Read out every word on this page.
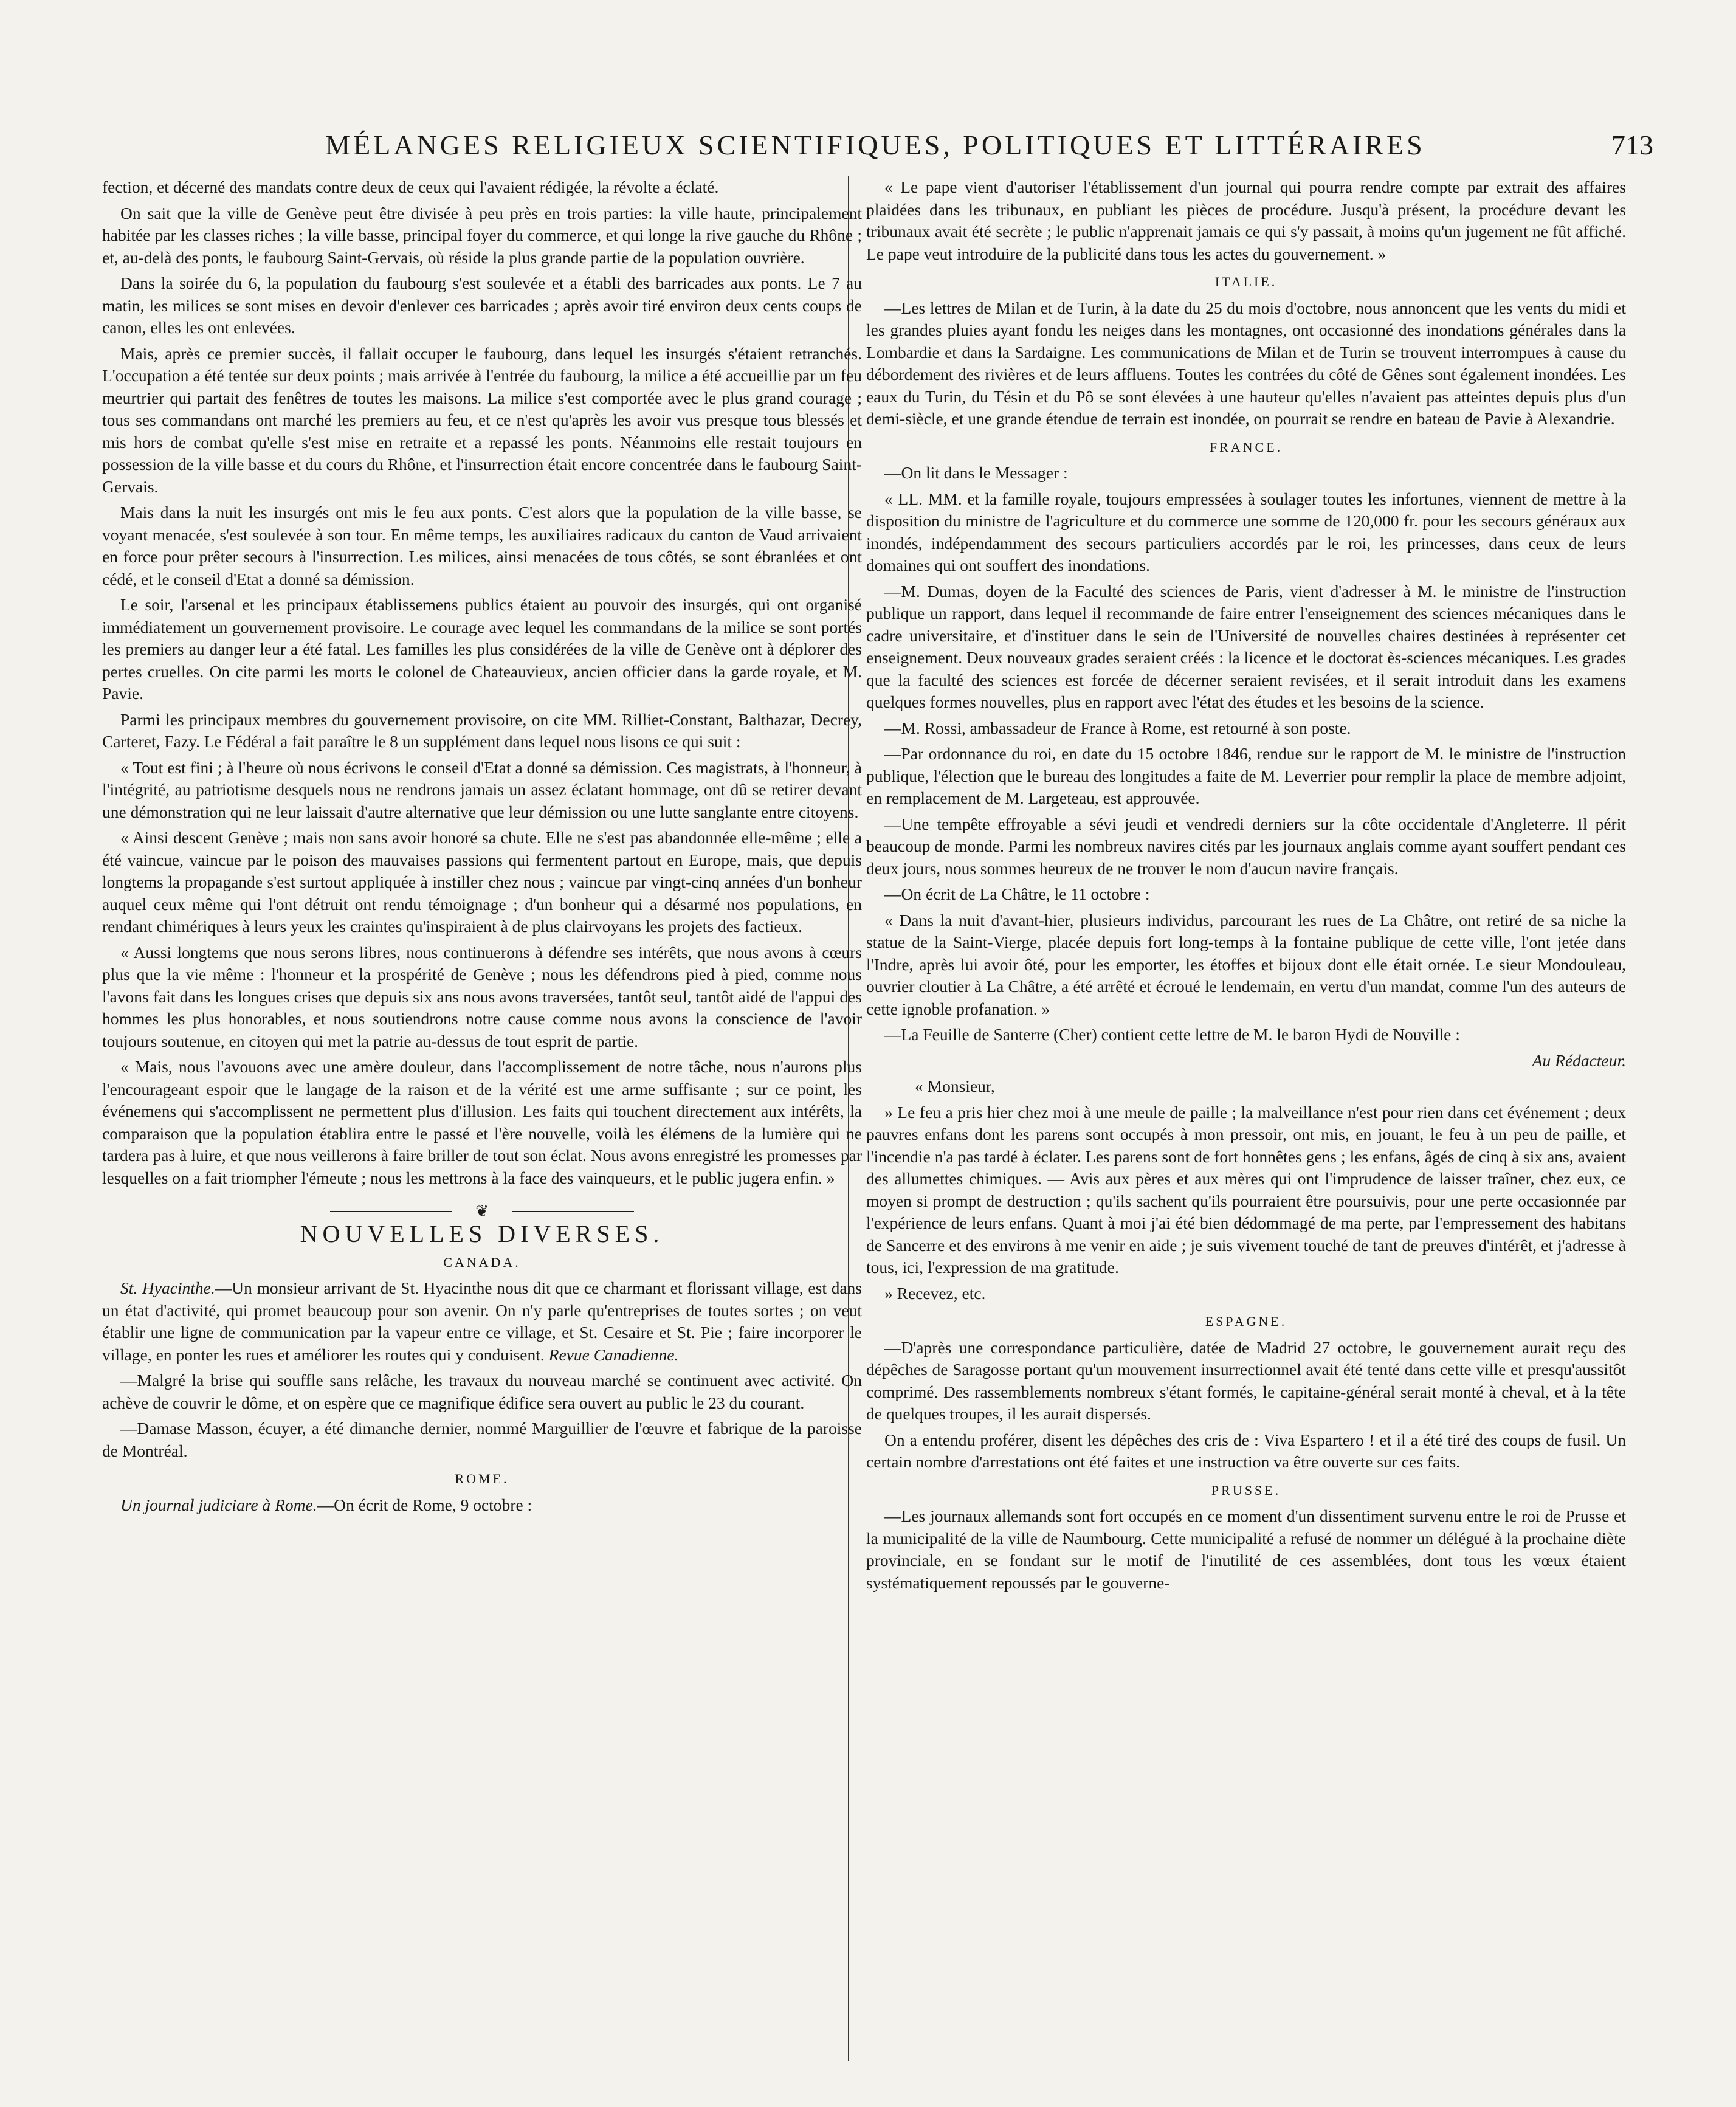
MÉLANGES RELIGIEUX SCIENTIFIQUES, POLITIQUES ET LITTÉRAIRES	713

fection, et décerné des mandats contre deux de ceux qui l'avaient rédigée, la révolte a éclaté.

On sait que la ville de Genève peut être divisée à peu près en trois parties: la ville haute, principalement habitée par les classes riches ; la ville basse, principal foyer du commerce, et qui longe la rive gauche du Rhône ; et, au-delà des ponts, le faubourg Saint-Gervais, où réside la plus grande partie de la population ouvrière.

Dans la soirée du 6, la population du faubourg s'est soulevée et a établi des barricades aux ponts. Le 7 au matin, les milices se sont mises en devoir d'enlever ces barricades ; après avoir tiré environ deux cents coups de canon, elles les ont enlevées.

Mais, après ce premier succès, il fallait occuper le faubourg, dans lequel les insurgés s'étaient retranchés. L'occupation a été tentée sur deux points ; mais arrivée à l'entrée du faubourg, la milice a été accueillie par un feu meurtrier qui partait des fenêtres de toutes les maisons. La milice s'est comportée avec le plus grand courage ; tous ses commandans ont marché les premiers au feu, et ce n'est qu'après les avoir vus presque tous blessés et mis hors de combat qu'elle s'est mise en retraite et a repassé les ponts. Néanmoins elle restait toujours en possession de la ville basse et du cours du Rhône, et l'insurrection était encore concentrée dans le faubourg Saint-Gervais.

Mais dans la nuit les insurgés ont mis le feu aux ponts. C'est alors que la population de la ville basse, se voyant menacée, s'est soulevée à son tour. En même temps, les auxiliaires radicaux du canton de Vaud arrivaient en force pour prêter secours à l'insurrection. Les milices, ainsi menacées de tous côtés, se sont ébranlées et ont cédé, et le conseil d'Etat a donné sa démission.

Le soir, l'arsenal et les principaux établissemens publics étaient au pouvoir des insurgés, qui ont organisé immédiatement un gouvernement provisoire. Le courage avec lequel les commandans de la milice se sont portés les premiers au danger leur a été fatal. Les familles les plus considérées de la ville de Genève ont à déplorer des pertes cruelles. On cite parmi les morts le colonel de Chateauvieux, ancien officier dans la garde royale, et M. Pavie.

Parmi les principaux membres du gouvernement provisoire, on cite MM. Rilliet-Constant, Balthazar, Decrey, Carteret, Fazy. Le Fédéral a fait paraître le 8 un supplément dans lequel nous lisons ce qui suit :

« Tout est fini ; à l'heure où nous écrivons le conseil d'Etat a donné sa démission. Ces magistrats, à l'honneur, à l'intégrité, au patriotisme desquels nous ne rendrons jamais un assez éclatant hommage, ont dû se retirer devant une démonstration qui ne leur laissait d'autre alternative que leur démission ou une lutte sanglante entre citoyens.

« Ainsi descent Genève ; mais non sans avoir honoré sa chute. Elle ne s'est pas abandonnée elle-même ; elle a été vaincue, vaincue par le poison des mauvaises passions qui fermentent partout en Europe, mais, que depuis longtems la propagande s'est surtout appliquée à instiller chez nous ; vaincue par vingt-cinq années d'un bonheur auquel ceux même qui l'ont détruit ont rendu témoignage ; d'un bonheur qui a désarmé nos populations, en rendant chimériques à leurs yeux les craintes qu'inspiraient à de plus clairvoyans les projets des factieux.

« Aussi longtems que nous serons libres, nous continuerons à défendre ses intérêts, que nous avons à cœurs plus que la vie même : l'honneur et la prospérité de Genève ; nous les défendrons pied à pied, comme nous l'avons fait dans les longues crises que depuis six ans nous avons traversées, tantôt seul, tantôt aidé de l'appui des hommes les plus honorables, et nous soutiendrons notre cause comme nous avons la conscience de l'avoir toujours soutenue, en citoyen qui met la patrie au-dessus de tout esprit de partie.

« Mais, nous l'avouons avec une amère douleur, dans l'accomplissement de notre tâche, nous n'aurons plus l'encourageant espoir que le langage de la raison et de la vérité est une arme suffisante ; sur ce point, les événemens qui s'accomplissent ne permettent plus d'illusion. Les faits qui touchent directement aux intérêts, la comparaison que la population établira entre le passé et l'ère nouvelle, voilà les élémens de la lumière qui ne tardera pas à luire, et que nous veillerons à faire briller de tout son éclat. Nous avons enregistré les promesses par lesquelles on a fait triompher l'émeute ; nous les mettrons à la face des vainqueurs, et le public jugera enfin. »

❦
NOUVELLES DIVERSES.
CANADA.

St. Hyacinthe.—Un monsieur arrivant de St. Hyacinthe nous dit que ce charmant et florissant village, est dans un état d'activité, qui promet beaucoup pour son avenir. On n'y parle qu'entreprises de toutes sortes ; on veut établir une ligne de communication par la vapeur entre ce village, et St. Cesaire et St. Pie ; faire incorporer le village, en ponter les rues et améliorer les routes qui y conduisent. Revue Canadienne.

—Malgré la brise qui souffle sans relâche, les travaux du nouveau marché se continuent avec activité. On achève de couvrir le dôme, et on espère que ce magnifique édifice sera ouvert au public le 23 du courant.

—Damase Masson, écuyer, a été dimanche dernier, nommé Marguillier de l'œuvre et fabrique de la paroisse de Montréal.

ROME.

Un journal judiciare à Rome.—On écrit de Rome, 9 octobre :

« Le pape vient d'autoriser l'établissement d'un journal qui pourra rendre compte par extrait des affaires plaidées dans les tribunaux, en publiant les pièces de procédure. Jusqu'à présent, la procédure devant les tribunaux avait été secrète ; le public n'apprenait jamais ce qui s'y passait, à moins qu'un jugement ne fût affiché. Le pape veut introduire de la publicité dans tous les actes du gouvernement. »

ITALIE.

—Les lettres de Milan et de Turin, à la date du 25 du mois d'octobre, nous annoncent que les vents du midi et les grandes pluies ayant fondu les neiges dans les montagnes, ont occasionné des inondations générales dans la Lombardie et dans la Sardaigne. Les communications de Milan et de Turin se trouvent interrompues à cause du débordement des rivières et de leurs affluens. Toutes les contrées du côté de Gênes sont également inondées. Les eaux du Turin, du Tésin et du Pô se sont élevées à une hauteur qu'elles n'avaient pas atteintes depuis plus d'un demi-siècle, et une grande étendue de terrain est inondée, on pourrait se rendre en bateau de Pavie à Alexandrie.

FRANCE.

—On lit dans le Messager :

« LL. MM. et la famille royale, toujours empressées à soulager toutes les infortunes, viennent de mettre à la disposition du ministre de l'agriculture et du commerce une somme de 120,000 fr. pour les secours généraux aux inondés, indépendamment des secours particuliers accordés par le roi, les princesses, dans ceux de leurs domaines qui ont souffert des inondations.

—M. Dumas, doyen de la Faculté des sciences de Paris, vient d'adresser à M. le ministre de l'instruction publique un rapport, dans lequel il recommande de faire entrer l'enseignement des sciences mécaniques dans le cadre universitaire, et d'instituer dans le sein de l'Université de nouvelles chaires destinées à représenter cet enseignement. Deux nouveaux grades seraient créés : la licence et le doctorat ès-sciences mécaniques. Les grades que la faculté des sciences est forcée de décerner seraient revisées, et il serait introduit dans les examens quelques formes nouvelles, plus en rapport avec l'état des études et les besoins de la science.

—M. Rossi, ambassadeur de France à Rome, est retourné à son poste.

—Par ordonnance du roi, en date du 15 octobre 1846, rendue sur le rapport de M. le ministre de l'instruction publique, l'élection que le bureau des longitudes a faite de M. Leverrier pour remplir la place de membre adjoint, en remplacement de M. Largeteau, est approuvée.

—Une tempête effroyable a sévi jeudi et vendredi derniers sur la côte occidentale d'Angleterre. Il périt beaucoup de monde. Parmi les nombreux navires cités par les journaux anglais comme ayant souffert pendant ces deux jours, nous sommes heureux de ne trouver le nom d'aucun navire français.

—On écrit de La Châtre, le 11 octobre :

« Dans la nuit d'avant-hier, plusieurs individus, parcourant les rues de La Châtre, ont retiré de sa niche la statue de la Saint-Vierge, placée depuis fort long-temps à la fontaine publique de cette ville, l'ont jetée dans l'Indre, après lui avoir ôté, pour les emporter, les étoffes et bijoux dont elle était ornée. Le sieur Mondouleau, ouvrier cloutier à La Châtre, a été arrêté et écroué le lendemain, en vertu d'un mandat, comme l'un des auteurs de cette ignoble profanation. »

—La Feuille de Santerre (Cher) contient cette lettre de M. le baron Hydi de Nouville :

Au Rédacteur.

« Monsieur,

» Le feu a pris hier chez moi à une meule de paille ; la malveillance n'est pour rien dans cet événement ; deux pauvres enfans dont les parens sont occupés à mon pressoir, ont mis, en jouant, le feu à un peu de paille, et l'incendie n'a pas tardé à éclater. Les parens sont de fort honnêtes gens ; les enfans, âgés de cinq à six ans, avaient des allumettes chimiques. — Avis aux pères et aux mères qui ont l'imprudence de laisser traîner, chez eux, ce moyen si prompt de destruction ; qu'ils sachent qu'ils pourraient être poursuivis, pour une perte occasionnée par l'expérience de leurs enfans. Quant à moi j'ai été bien dédommagé de ma perte, par l'empressement des habitans de Sancerre et des environs à me venir en aide ; je suis vivement touché de tant de preuves d'intérêt, et j'adresse à tous, ici, l'expression de ma gratitude.

» Recevez, etc.

ESPAGNE.

—D'après une correspondance particulière, datée de Madrid 27 octobre, le gouvernement aurait reçu des dépêches de Saragosse portant qu'un mouvement insurrectionnel avait été tenté dans cette ville et presqu'aussitôt comprimé. Des rassemblements nombreux s'étant formés, le capitaine-général serait monté à cheval, et à la tête de quelques troupes, il les aurait dispersés.

On a entendu proférer, disent les dépêches des cris de : Viva Espartero ! et il a été tiré des coups de fusil. Un certain nombre d'arrestations ont été faites et une instruction va être ouverte sur ces faits.

PRUSSE.

—Les journaux allemands sont fort occupés en ce moment d'un dissentiment survenu entre le roi de Prusse et la municipalité de la ville de Naumbourg. Cette municipalité a refusé de nommer un délégué à la prochaine diète provinciale, en se fondant sur le motif de l'inutilité de ces assemblées, dont tous les vœux étaient systématiquement repoussés par le gouverne-
